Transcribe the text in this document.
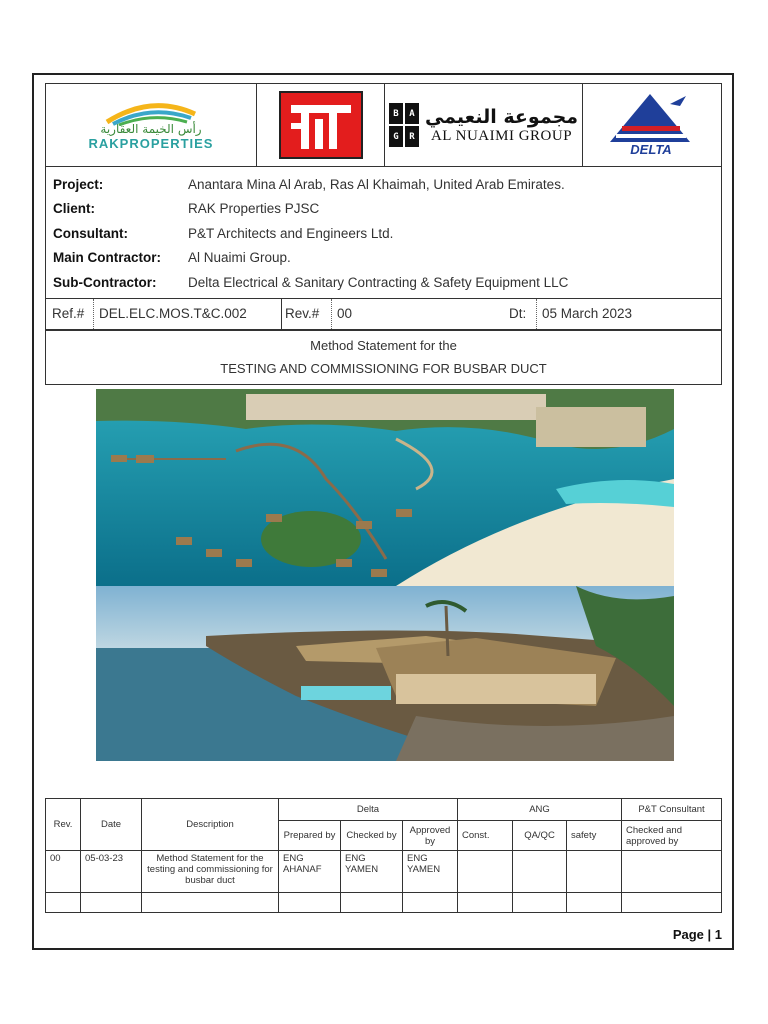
رأس الخيمة العقارية
RAKPROPERTIES
B	A
G	R
مجموعة النعيمي
AL NUAIMI GROUP
DELTA
Project:	Anantara Mina Al Arab, Ras Al Khaimah, United Arab Emirates.
Client:	RAK Properties PJSC
Consultant:	P&T Architects and Engineers Ltd.
Main Contractor:	Al Nuaimi Group.
Sub-Contractor:	Delta Electrical & Sanitary Contracting & Safety Equipment LLC
Ref.#	DEL.ELC.MOS.T&C.002	Rev.#	00	Dt:	05 March 2023
Method Statement for the
TESTING AND COMMISSIONING FOR BUSBAR DUCT
Rev.	Date	Description	Delta			ANG			P&T Consultant
			Prepared by	Checked by	Approved by	Const.	QA/QC	safety	Checked and approved by
00	05-03-23	Method Statement for the testing and commissioning for busbar duct	ENG AHANAF	ENG YAMEN	ENG YAMEN				

Page | 1
